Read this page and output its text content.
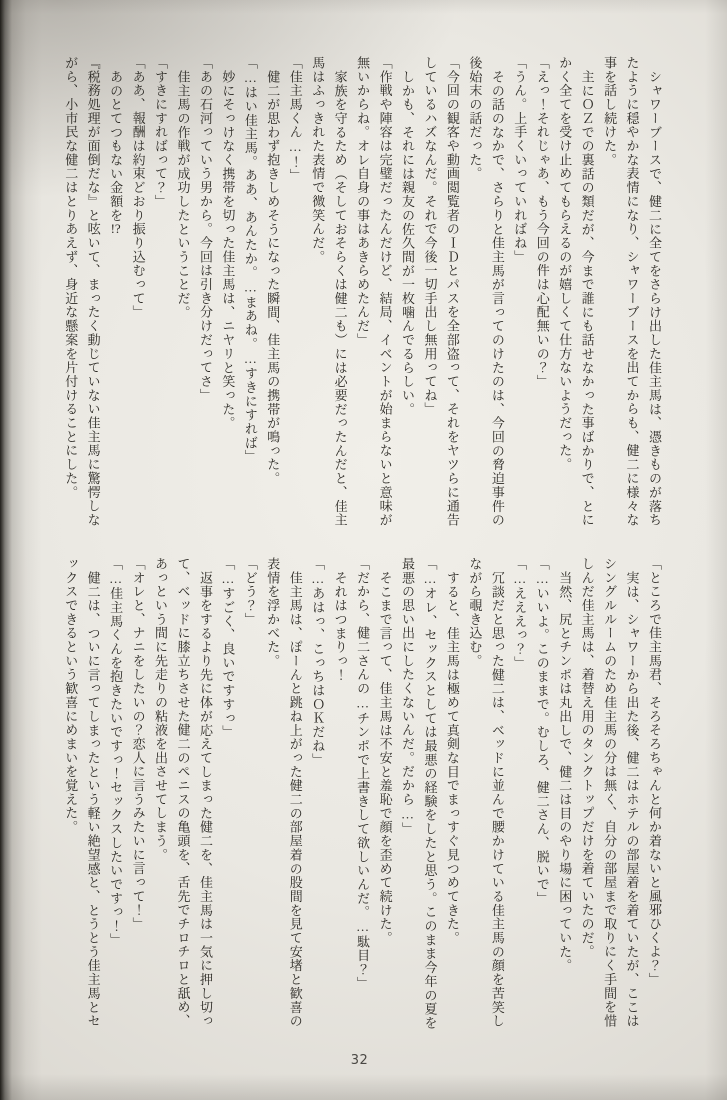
シャワーブースで、健二に全てをさらけ出した佳主馬は、憑きものが落ち

たように穏やかな表情になり、シャワーブースを出てからも、健二に様々な

事を話し続けた。

主にＯＺでの裏話の類だが、今まで誰にも話せなかった事ばかりで、とに

かく全てを受け止めてもらえるのが嬉しくて仕方ないようだった。

「えっ！それじゃあ、もう今回の件は心配無いの？」

「うん。上手くいっていればね」

その話のなかで、さらりと佳主馬が言ってのけたのは、今回の脅迫事件の

後始末の話だった。

「今回の観客や動画閲覧者のＩＤとパスを全部盗って、それをヤツらに通告

しているハズなんだ。それで今後一切手出し無用ってね」

しかも、それには親友の佐久間が一枚噛んでるらしい。

「作戦や陣容は完璧だったんだけど、結局、イベントが始まらないと意味が

無いからね。オレ自身の事はあきらめたんだ」

家族を守るため（そしておそらくは健二も）には必要だったんだと、佳主

馬はふっきれた表情で微笑んだ。

「佳主馬くん…！」

健二が思わず抱きしめそうになった瞬間、佳主馬の携帯が鳴った。

「…はい佳主馬。ああ、あんたか。…まあね。…すきにすれば」

妙にそっけなく携帯を切った佳主馬は、ニヤリと笑った。

「あの石河っていう男から。今回は引き分けだってさ」

佳主馬の作戦が成功したということだ。

「すきにすればって？」

「ああ、報酬は約束どおり振り込むって」

あのとてつもない金額を!?

『税務処理が面倒だな』と呟いて、まったく動じていない佳主馬に驚愕しな

がら、小市民な健二はとりあえず、身近な懸案を片付けることにした。

「ところで佳主馬君、そろそろちゃんと何か着ないと風邪ひくよ？」

実は、シャワーから出た後、健二はホテルの部屋着を着ていたが、ここは

シングルルームのため佳主馬の分は無く、自分の部屋まで取りにく手間を惜

しんだ佳主馬は、着替え用のタンクトップだけを着ていたのだ。

当然、尻とチンポは丸出しで、健二は目のやり場に困っていた。

「…いいよ。このままで。むしろ、健二さん、脱いで」

「…えええっ？」

冗談だと思った健二は、ベッドに並んで腰かけている佳主馬の顔を苦笑し

ながら覗き込む。

すると、佳主馬は極めて真剣な目でまっすぐ見つめてきた。

「…オレ、セックスとしては最悪の経験をしたと思う。このまま今年の夏を

最悪の思い出にしたくないんだ。だから…」

そこまで言って、佳主馬は不安と羞恥で顔を歪めて続けた。

「だから、健二さんの…チンポで上書きして欲しいんだ。…駄目？」

それはつまりっ！

「…あはっ、こっちはＯＫだね」

佳主馬は、ぽーんと跳ね上がった健二の部屋着の股間を見て安堵と歓喜の

表情を浮かべた。

「どう？」

「…すごく、良いですすっ」

返事をするより先に体が応えてしまった健二を、佳主馬は一気に押し切っ

て、ベッドに膝立ちさせた健二のペニスの亀頭を、舌先でチロチロと舐め、

あっという間に先走りの粘液を出させてしまう。

「オレと、ナニをしたいの？恋人に言うみたいに言って！」

「…佳主馬くんを抱きたいですっ！セックスしたいですっ！」

健二は、ついに言ってしまったという軽い絶望感と、とうとう佳主馬とセ

ックスできるという歓喜にめまいを覚えた。

32
